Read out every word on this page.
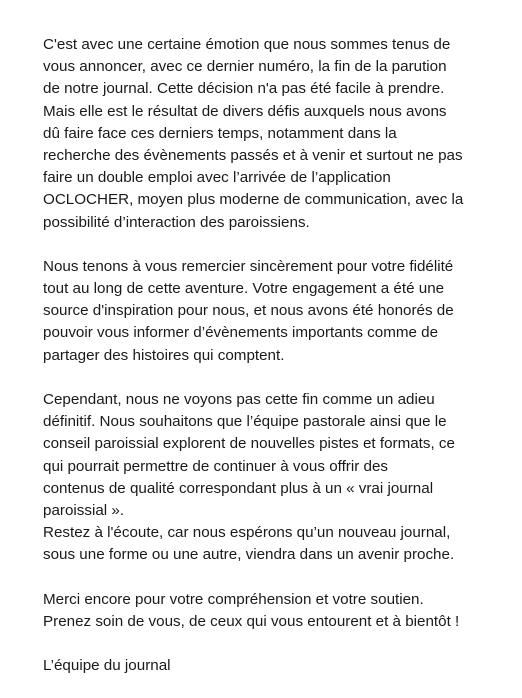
C'est avec une certaine émotion que nous sommes tenus de
vous annoncer, avec ce dernier numéro, la fin de la parution
de notre journal. Cette décision n'a pas été facile à prendre.
Mais elle est le résultat de divers défis auxquels nous avons
dû faire face ces derniers temps, notamment dans la
recherche des évènements passés et à venir et surtout ne pas
faire un double emploi avec l’arrivée de l’application
OCLOCHER, moyen plus moderne de communication, avec la
possibilité d’interaction des paroissiens.

Nous tenons à vous remercier sincèrement pour votre fidélité
tout au long de cette aventure. Votre engagement a été une
source d'inspiration pour nous, et nous avons été honorés de
pouvoir vous informer d’évènements importants comme de
partager des histoires qui comptent.

Cependant, nous ne voyons pas cette fin comme un adieu
définitif. Nous souhaitons que l’équipe pastorale ainsi que le
conseil paroissial explorent de nouvelles pistes et formats, ce
qui pourrait permettre de continuer à vous offrir des
contenus de qualité correspondant plus à un « vrai journal
paroissial ».
Restez à l'écoute, car nous espérons qu’un nouveau journal,
sous une forme ou une autre, viendra dans un avenir proche.

Merci encore pour votre compréhension et votre soutien.
Prenez soin de vous, de ceux qui vous entourent et à bientôt !

L’équipe du journal
